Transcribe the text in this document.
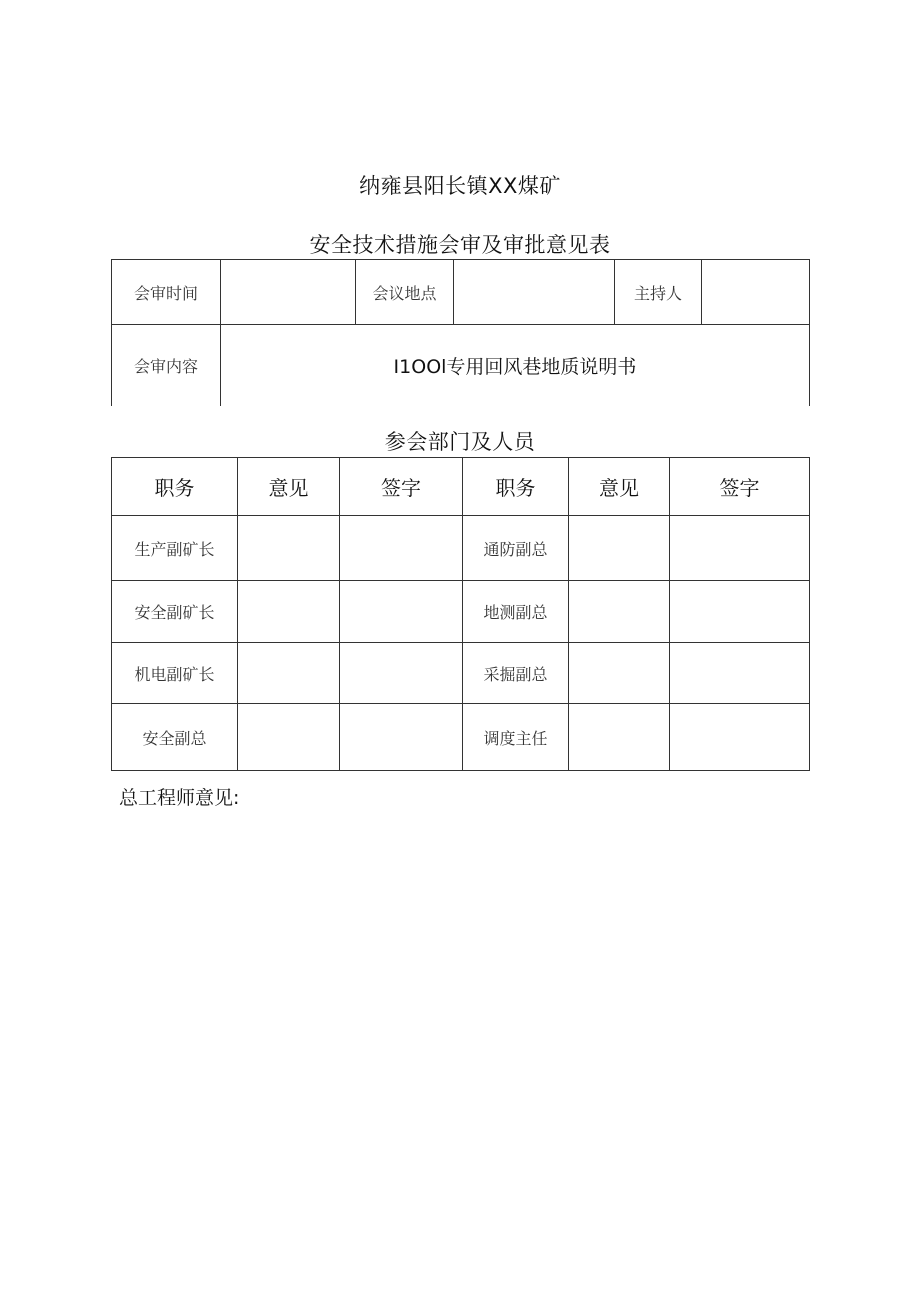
纳雍县阳长镇XX煤矿
安全技术措施会审及审批意见表
会审时间		会议地点		主持人	
会审内容	I1OOl专用回风巷地质说明书				
参会部门及人员
职务	意见	签字	职务	意见	签字
生产副矿长			通防副总		
安全副矿长			地测副总		
机电副矿长			采掘副总		
安全副总			调度主任		
总工程师意见:
